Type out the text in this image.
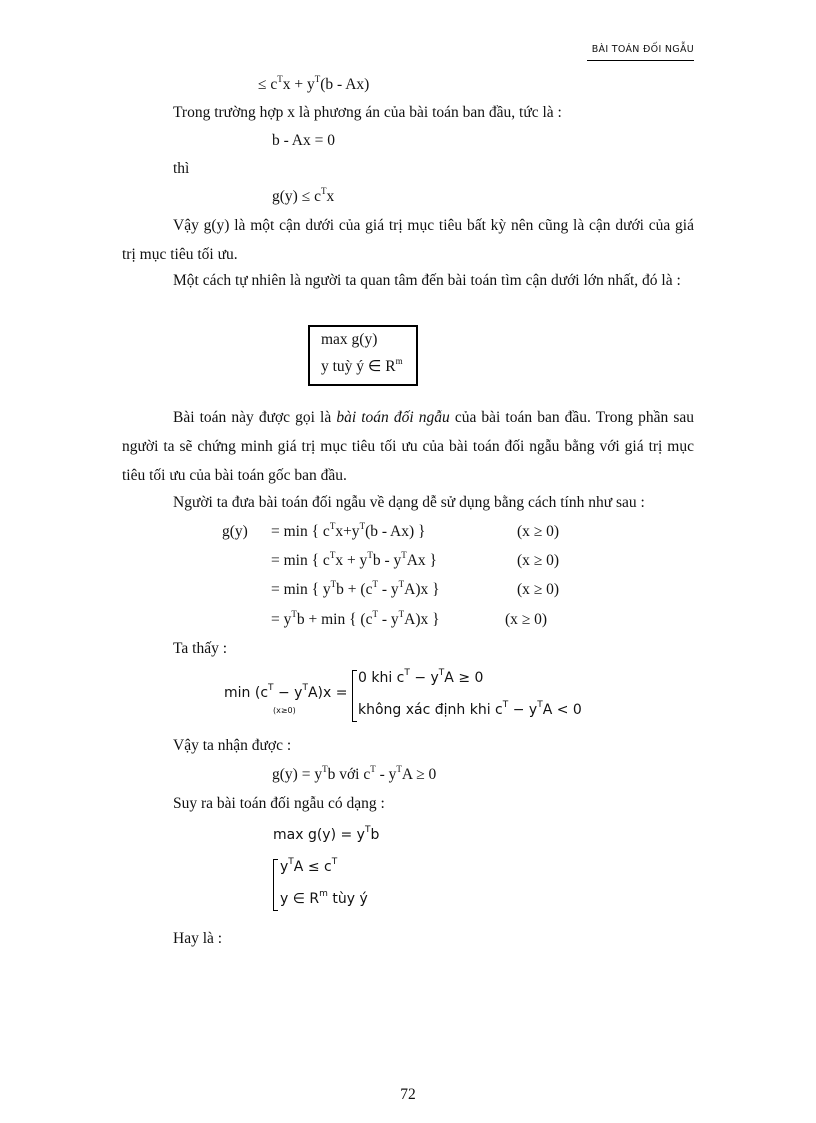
BÀI TOÁN ĐỐI NGẪU
≤ $c^Tx + y^T(b - Ax)$
Trong trường hợp x là phương án của bài toán ban đầu, tức là :
b - Ax = 0
thì
$g(y) \le c^Tx$
Vậy g(y) là một cận dưới của giá trị mục tiêu bất kỳ nên cũng là cận dưới của giá trị mục tiêu tối ưu.
Một cách tự nhiên là người ta quan tâm đến bài toán tìm cận dưới lớn nhất, đó là :
max g(y)
y tuỳ ý ∈ $R^m$
Bài toán này được gọi là bài toán đối ngẫu của bài toán ban đầu. Trong phần sau người ta sẽ chứng minh giá trị mục tiêu tối ưu của bài toán đối ngẫu bằng với giá trị mục tiêu tối ưu của bài toán gốc ban đầu.
Người ta đưa bài toán đối ngẫu về dạng dễ sử dụng bằng cách tính như sau :
g(y) = min { $c^Tx+y^T(b - Ax)$ }	(x ≥ 0)
= min { $c^Tx + y^Tb - y^TAx$ }	(x ≥ 0)
= min { $y^Tb + (c^T - y^TA)x$ }	(x ≥ 0)
= $y^Tb + \min$ { $(c^T - y^TA)x$ }	(x ≥ 0)
Ta thấy :
$\min (c^T - y^TA)x$ =
(x≥0)
0 khi $c^T - y^TA \ge 0$
không xác định khi $c^T - y^TA < 0$
Vậy ta nhận được :
$g(y) = y^Tb$ với $c^T - y^TA \ge 0$
Suy ra bài toán đối ngẫu có dạng :
$\max g(y) = y^Tb$
$y^TA \le c^T$
y ∈ $R^m$ tùy ý
Hay là :
72
